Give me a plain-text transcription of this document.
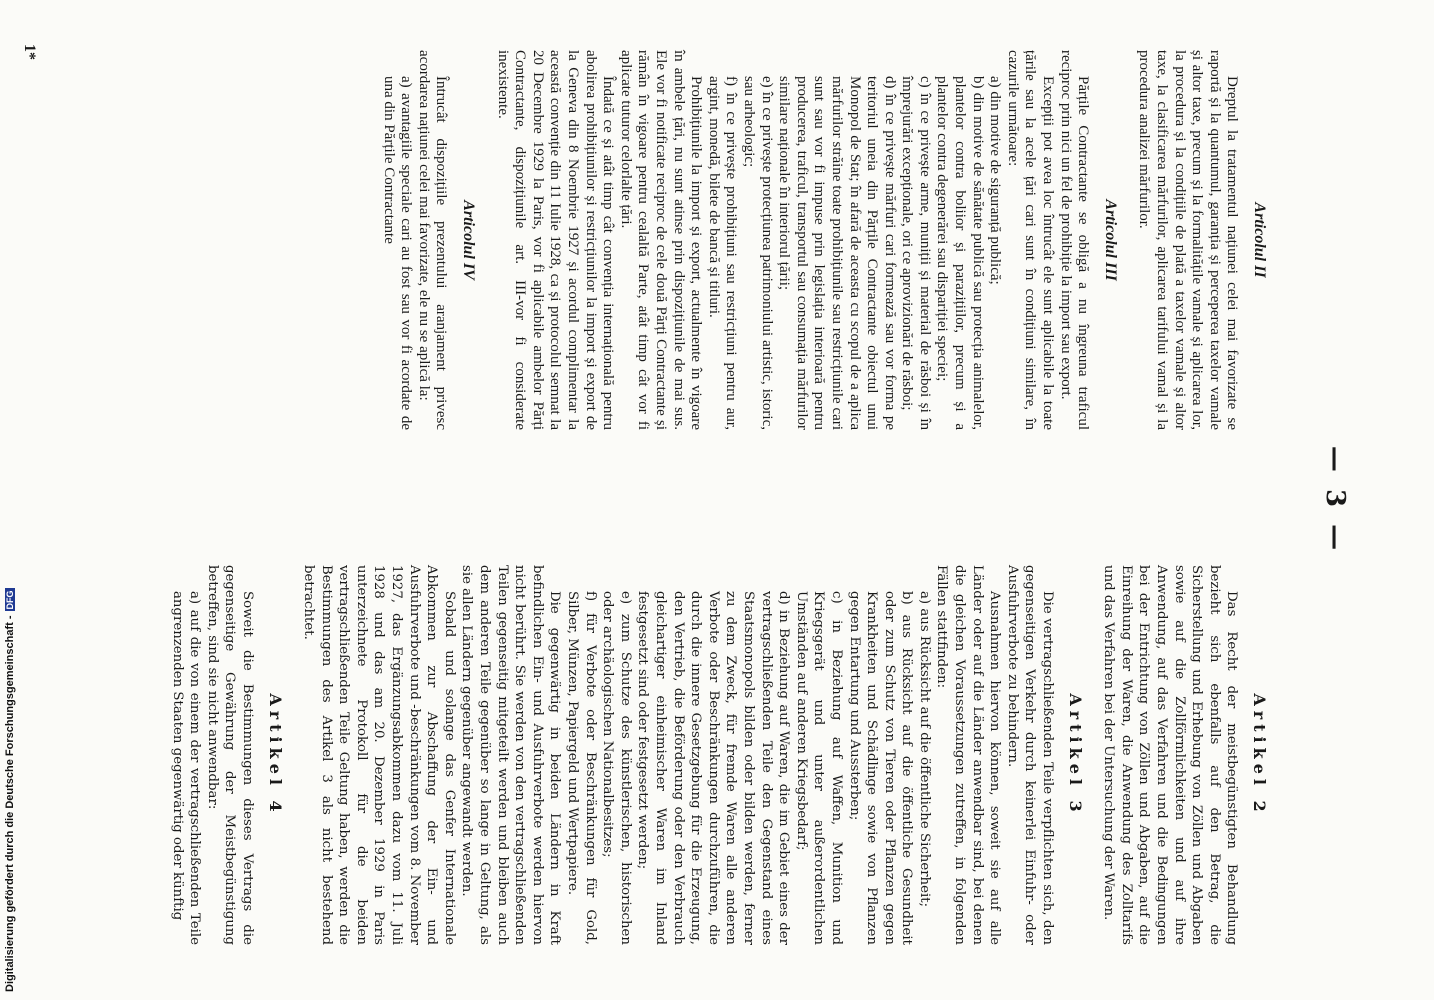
— 3 —
Articolul II

Dreptul la tratamentul națiunei celei mai favorizate se raportă și la quantumul, garanția și perceperea taxelor vamale și altor taxe, precum și la formalitățile vamale și aplicarea lor, la procedura și la condițiile de plată a taxelor vamale și altor taxe, la clasificarea mărfurilor, aplicarea tarifului vamal și la procedura analizei mărfurilor.

Articolul III

Părțile Contractante se obligă a nu îngreuna traficul reciproc prin nici un fel de prohibiție la import sau export.

Excepții pot avea loc întrucât ele sunt aplicabile la toate țările sau la acele țări cari sunt în condițiuni similare, în cazurile următoare:

a) din motive de siguranță publică;

b) din motive de sănătate publică sau protecția animalelor, plantelor contra boliior și parazițiilor, precum și a plantelor contra degenerărei sau dispariției speciei;

c) în ce privește arme, muniții și material de răsboi și în împrejurări excepționale, ori ce aprovizionări de răsboi;

d) în ce privește mărfuri cari formează sau vor forma pe teritoriul uneia din Părțile Contractante obiectul unui Monopol de Stat; în afară de aceasta cu scopul de a aplica mărfurilor străine toate prohibițiunile sau restricțiunile cari sunt sau vor fi impuse prin legislația interioară pentru producerea, traficul, transportul sau consumația mărfurilor similare naționale în interiorul țării;

e) în ce privește protecțiunea patrimoniului artistic, istoric, sau arheologic;

f) în ce privește prohibițiuni sau restricțiuni pentru aur, argint, monedă, bilete de bancă și titluri.

Prohibițiunile la import și export, actualmente în vigoare în ambele țări, nu sunt atinse prin dispozițiunile de mai sus. Ele vor fi notificate reciproc de cele două Părți Contractante și rămân în vigoare pentru cealaltă Parte, atât timp cât vor fi aplicate tuturor celorlalte țări.

Îndată ce și atât timp cât convenția internațională pentru abolirea prohibițiunilor și restricțiunilor la import și export de la Geneva din 8 Noembrie 1927 și acordul complimentar la această convenție din 11 Iulie 1928, ca și protocolul semnat la 20 Decembre 1929 la Paris, vor fi aplicabile ambelor Părți Contractante, dispozițiunile art. III-vor fi considerate inexistente.

Articolul IV

Întrucât dispozițiile prezentului aranjament privesc acordarea națiunei celei mai favorizate, ele nu se aplică la:

a) avantagiile speciale cari au fost sau vor fi acordate de una din Părțile Contractante

Artikel 2

Das Recht der meistbegünstigten Behandlung bezieht sich ebenfalls auf den Betrag, die Sicherstellung und Erhebung von Zöllen und Abgaben sowie auf die Zollförmlichkeiten und auf ihre Anwendung, auf das Verfahren und die Bedingungen bei der Entrichtung von Zöllen und Abgaben, auf die Einreihung der Waren, die Anwendung des Zolltarifs und das Verfahren bei der Untersuchung der Waren.

Artikel 3

Die vertragschließenden Teile verpflichten sich, den gegenseitigen Verkehr durch keinerlei Einfuhr- oder Ausfuhrverbote zu behindern.

Ausnahmen hiervon können, soweit sie auf alle Länder oder auf die Länder anwendbar sind, bei denen die gleichen Voraussetzungen zutreffen, in folgenden Fällen stattfinden:

a) aus Rücksicht auf die öffentliche Sicherheit;

b) aus Rücksicht auf die öffentliche Gesundheit oder zum Schutz von Tieren oder Pflanzen gegen Krankheiten und Schädlinge sowie von Pflanzen gegen Entartung und Aussterben;

c) in Beziehung auf Waffen, Munition und Kriegsgerät und unter außerordentlichen Umständen auf anderen Kriegsbedarf;

d) in Beziehung auf Waren, die im Gebiet eines der vertragschließenden Teile den Gegenstand eines Staatsmonopols bilden oder bilden werden, ferner zu dem Zweck, für fremde Waren alle anderen Verbote oder Beschränkungen durchzuführen, die durch die innere Gesetzgebung für die Erzeugung, den Vertrieb, die Beförderung oder den Verbrauch gleichartiger einheimischer Waren im Inland festgesetzt sind oder festgesetzt werden;

e) zum Schutze des künstlerischen, historischen oder archäologischen Nationalbesitzes;

f) für Verbote oder Beschränkungen für Gold, Silber, Münzen, Papiergeld und Wertpapiere.

Die gegenwärtig in beiden Ländern in Kraft befindlichen Ein- und Ausfuhrverbote werden hiervon nicht berührt. Sie werden von den vertragschließenden Teilen gegenseitig mitgeteilt werden und bleiben auch dem anderen Teile gegenüber so lange in Geltung, als sie allen Ländern gegenüber angewandt werden.

Sobald und solange das Genfer Internationale Abkommen zur Abschaffung der Ein- und Ausfuhrverbote und -beschränkungen vom 8. November 1927, das Ergänzungsabkommen dazu vom 11. Juli 1928 und das am 20. Dezember 1929 in Paris unterzeichnete Protokoll für die beiden vertragschließenden Teile Geltung haben, werden die Bestimmungen des Artikel 3 als nicht bestehend betrachtet.

Artikel 4

Soweit die Bestimmungen dieses Vertrags die gegenseitige Gewährung der Meistbegünstigung betreffen, sind sie nicht anwendbar:

a) auf die von einem der vertragschließenden Teile angrenzenden Staaten gegenwärtig oder künftig

1*
Digitalisierung gefördert durch die Deutsche Forschungsgemeinschaft -DFG
